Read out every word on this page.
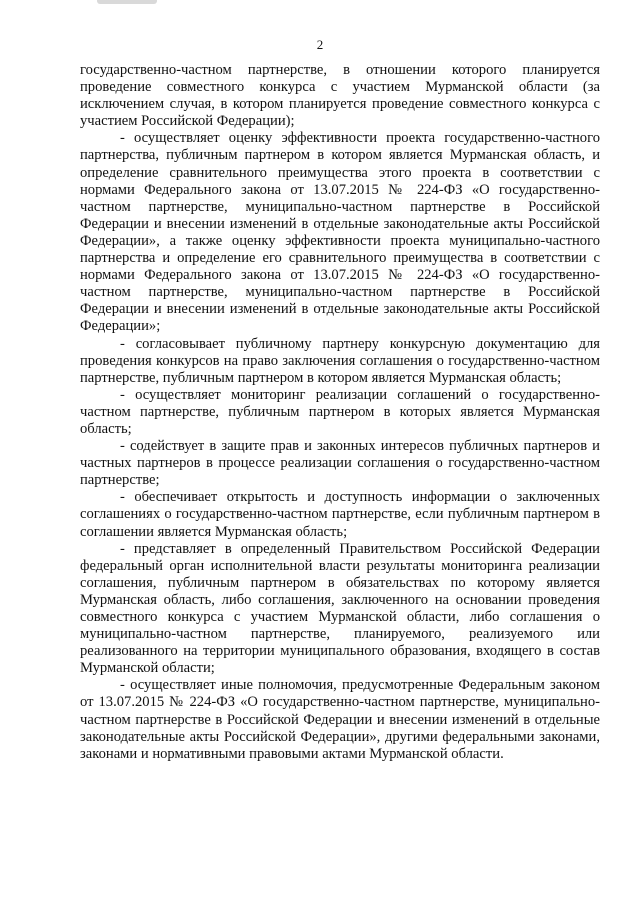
2

государственно-частном партнерстве, в отношении которого планируется проведение совместного конкурса с участием Мурманской области (за исключением случая, в котором планируется проведение совместного конкурса с участием Российской Федерации);

- осуществляет оценку эффективности проекта государственно-частного партнерства, публичным партнером в котором является Мурманская область, и определение сравнительного преимущества этого проекта в соответствии с нормами Федерального закона от 13.07.2015 № 224-ФЗ «О государственно-частном партнерстве, муниципально-частном партнерстве в Российской Федерации и внесении изменений в отдельные законодательные акты Российской Федерации», а также оценку эффективности проекта муниципально-частного партнерства и определение его сравнительного преимущества в соответствии с нормами Федерального закона от 13.07.2015 № 224-ФЗ «О государственно-частном партнерстве, муниципально-частном партнерстве в Российской Федерации и внесении изменений в отдельные законодательные акты Российской Федерации»;

- согласовывает публичному партнеру конкурсную документацию для проведения конкурсов на право заключения соглашения о государственно-частном партнерстве, публичным партнером в котором является Мурманская область;

- осуществляет мониторинг реализации соглашений о государственно-частном партнерстве, публичным партнером в которых является Мурманская область;

- содействует в защите прав и законных интересов публичных партнеров и частных партнеров в процессе реализации соглашения о государственно-частном партнерстве;

- обеспечивает открытость и доступность информации о заключенных соглашениях о государственно-частном партнерстве, если публичным партнером в соглашении является Мурманская область;

- представляет в определенный Правительством Российской Федерации федеральный орган исполнительной власти результаты мониторинга реализации соглашения, публичным партнером в обязательствах по которому является Мурманская область, либо соглашения, заключенного на основании проведения совместного конкурса с участием Мурманской области, либо соглашения о муниципально-частном партнерстве, планируемого, реализуемого или реализованного на территории муниципального образования, входящего в состав Мурманской области;

- осуществляет иные полномочия, предусмотренные Федеральным законом от 13.07.2015 № 224-ФЗ «О государственно-частном партнерстве, муниципально-частном партнерстве в Российской Федерации и внесении изменений в отдельные законодательные акты Российской Федерации», другими федеральными законами, законами и нормативными правовыми актами Мурманской области.
